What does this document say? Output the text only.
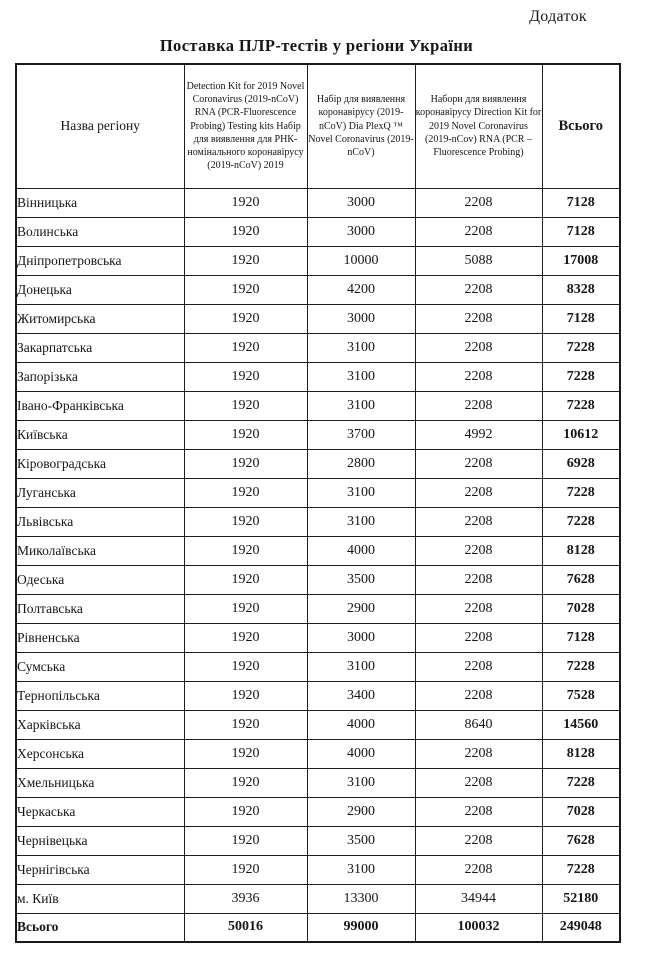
Додаток
Поставка ПЛР-тестів у регіони України
Назва регіону	Detection Kit for 2019 Novel Coronavirus (2019-nCoV) RNA (PCR-Fluorescence Probing) Testing kits Набір для виявлення для РНК-номінального коронавірусу (2019-nCoV) 2019	Набір для виявлення коронавірусу (2019-nCoV) Dia PlexQ ™ Novel Coronavirus (2019-nCoV)	Набори для виявлення коронавірусу Direction Kit for 2019 Novel Coronavirus (2019-nCov) RNA (PCR – Fluorescence Probing)	Всього
Вінницька	1920	3000	2208	7128
Волинська	1920	3000	2208	7128
Дніпропетровська	1920	10000	5088	17008
Донецька	1920	4200	2208	8328
Житомирська	1920	3000	2208	7128
Закарпатська	1920	3100	2208	7228
Запорізька	1920	3100	2208	7228
Івано-Франківська	1920	3100	2208	7228
Київська	1920	3700	4992	10612
Кіровоградська	1920	2800	2208	6928
Луганська	1920	3100	2208	7228
Львівська	1920	3100	2208	7228
Миколаївська	1920	4000	2208	8128
Одеська	1920	3500	2208	7628
Полтавська	1920	2900	2208	7028
Рівненська	1920	3000	2208	7128
Сумська	1920	3100	2208	7228
Тернопільська	1920	3400	2208	7528
Харківська	1920	4000	8640	14560
Херсонська	1920	4000	2208	8128
Хмельницька	1920	3100	2208	7228
Черкаська	1920	2900	2208	7028
Чернівецька	1920	3500	2208	7628
Чернігівська	1920	3100	2208	7228
м. Київ	3936	13300	34944	52180
Всього	50016	99000	100032	249048
